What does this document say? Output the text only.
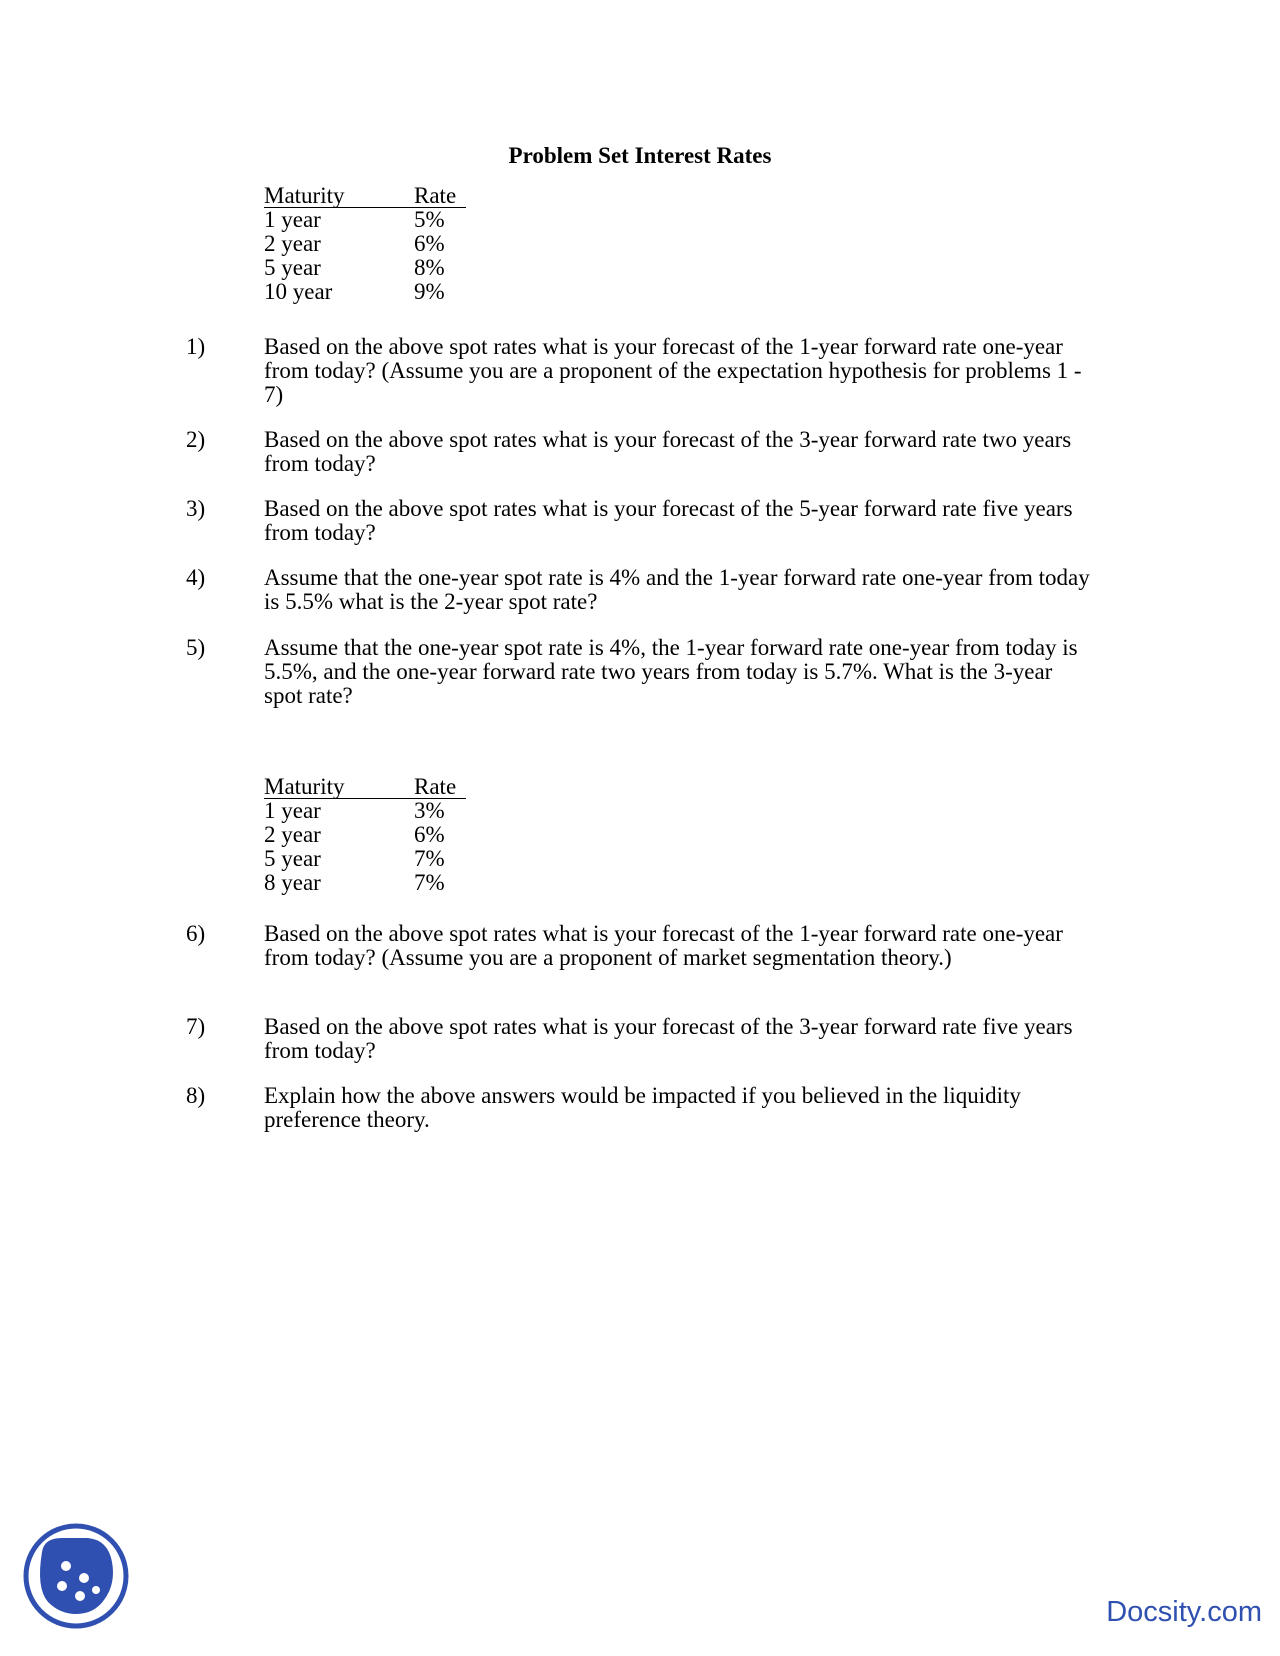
Problem Set Interest Rates
Maturity	Rate
1 year	5%
2 year	6%
5 year	8%
10 year	9%
1)	Based on the above spot rates what is your forecast of the 1-year forward rate one-year from today? (Assume you are a proponent of the expectation hypothesis for problems 1 - 7)
2)	Based on the above spot rates what is your forecast of the 3-year forward rate two years from today?
3)	Based on the above spot rates what is your forecast of the 5-year forward rate five years from today?
4)	Assume that the one-year spot rate is 4% and the 1-year forward rate one-year from today is 5.5% what is the 2-year spot rate?
5)	Assume that the one-year spot rate is 4%, the 1-year forward rate one-year from today is 5.5%, and the one-year forward rate two years from today is 5.7%. What is the 3-year spot rate?
Maturity	Rate
1 year	3%
2 year	6%
5 year	7%
8 year	7%
6)	Based on the above spot rates what is your forecast of the 1-year forward rate one-year from today? (Assume you are a proponent of market segmentation theory.)
7)	Based on the above spot rates what is your forecast of the 3-year forward rate five years from today?
8)	Explain how the above answers would be impacted if you believed in the liquidity preference theory.
Docsity.com
